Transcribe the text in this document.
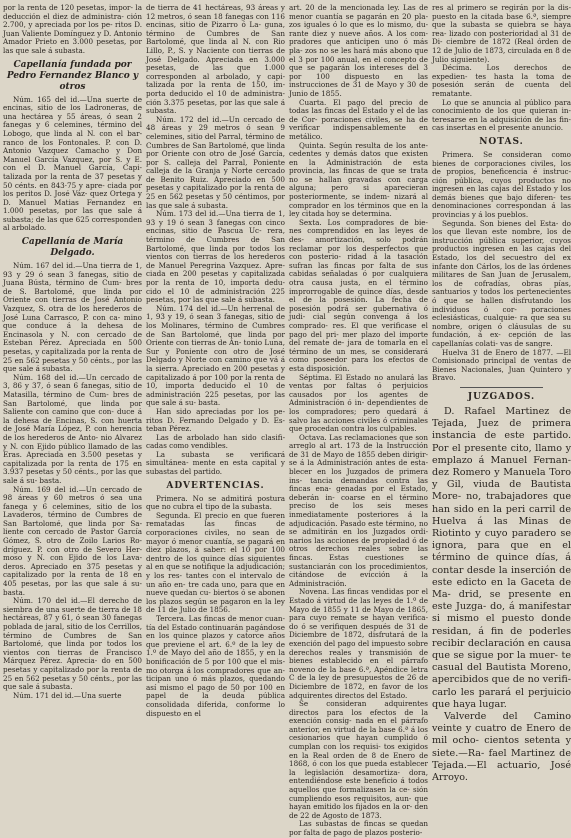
por la renta de 120 pesetas, impor- la deducción el diez de administra- ción 2.700, y apreciada por los pe- ritos D. Juan Valiente Domínguez y D. Antonio Amador Prieto en 3.000 pesetas, por las que sale á subasta.

Capellanía fundada por Pedro Fernandez Blanco y otros

Núm. 165 del id.—Una suerte de encinas, sitio de los Ladroneras, de una hectárea y 55 áreas, ó sean 2 fanegas y 6 celemines, término del Lobogo, que linda al N. con el bar- ranco de los Fontonales. P. con D. Antonio Vazquez Camacho y Don Manuel García Vazquez, por S. y E. con el D. Manuel García, Capi- talizada por la renta de 37 pesetas y 50 cénts. en 843·75 y apre- ciada por los peritos D. José Váz- quez Ortega y D. Manuel Matias Fernandez en 1.000 pesetas, por las que sale á subasta; de las que 625 corresponden al arbolado.

Capellanía de María Delgado.

Núm. 167 del id.—Una tierra de 1, 93 y 29 ó sean 3 fanegas, sitio de Juana Bústa, término de Cum- bres de S. Bartolomé, que linda por Oriente con tierras de José Antonio Vazquez, S. otra de los herederos de José Luna Carrasco, P. con ca- mino que conduce á la dehesa de Encinasola y N. con cercado de Esteban Pérez. Apreciada en 500 pesetas, y capitalizada por la renta de 25 en 562 pesetas y 50 cénts., por las que sale á subasta.

Núm. 168 del id.—Un cercado de 3, 86 y 37, ó sean 6 fanegas, sitio de Matasilla, término de Cum- bres de San Bartolomé, que linda por Saliente con camino que con- duce á la dehesa de Encinas, S. con huerta de José María López, P. con herencia de los herederos de Anto- nio Alvarez y N. con Ejido público llamado de las Eras. Apreciada en 3.500 pesetas y capitalizada por la renta de 175 en 3.937 pesetas y 50 cénts., por las que sale á su- basta.

Núm. 169 del id.—Un cercado de 98 áreas y 60 metros ó sea una fanega y 6 celemines, sitio de los Lavaderos, término de Cumbres de San Bartolomé, que linda por Sa- liente con cercado de Pastor García Gómez, S. otro de Zoilo Larios Ro- dríguez. P. con otro de Severo Her- moso y N. con Ejido de los Lava- deros. Apreciado en 375 pesetas y capitalizado por la renta de 18 en 405 pesetas, por las que sale á su- basta.

Núm. 170 del id.—El derecho de siembra de una suerte de tierra de 18 hectáreas, 87 y 61, ó sean 30 fanegas poblada de jaral, sitio de los Cerrillos, término de Cumbres de San Bartolomé, que linda por todos los vientos con tierras de Francisco Márquez Pérez. Aprecia- do en 500 pesetas y capitalizado por la renta de 25 en 562 pesetas y 50 cénts., por las que sale á subasta.

Núm. 171 del id.—Una suerte

de tierra de 41 hectáreas, 93 áreas y 12 metros, ó sean 18 fanegas con 116 encinas, sitio de Pizarro ó La- guna, término de Cumbres de San Bartolomé, que linda al N. con Rio Lillo, P., S. y Naciente con tierras de José Delgado. Apreciada en 3.000 pesetas, de las que 1.000 corresponden al arbolado, y capi- talizada por la renta de 150, im- porta deducido el 10 de administra- ción 3.375 pesetas, por las que sale á subasta.

Núm. 172 del id.—Un cercado de 48 áreas y 29 metros ó sean 9 celemines, sitio del Parral, término de Cumbres de San Bartolomé, que linda por Oriente con otro de José García, por S. calleja del Parral, Poniente calleja de la Granja y Norte cercado de Benito Ruiz. Apreciado en 500 pesetas y capitalizado por la renta de 25 en 562 pesetas y 50 céntimos, por las que sale á subasta.

Núm. 173 del id.—Una tierra de 1, 93 y 19 ó sean 3 fanegas con cinco encinas, sitio de Pascua Uc- rera, término de Cumbres de San Bartolomé, que linda por todos los vientos con tierras de los herederos de Manuel Peregrina Vazquez. Apre- ciada en 200 pesetas y capitalizada por la renta de 10, importa dedu- cido el 10 de administración 225 pesetas, por las que sale á subasta.

Núm. 174 del id.—Un herrenal de 1, 93 y 19, ó sean 3 fanegas, sitio de los Molinares, término de Cumbres de San Bartolomé, que linda por Oriente con tierras de An- tonio Luna, Sur y Poniente con otro de José Delgado y Norte con camino que vá á la sierra. Apreciado en 200 pesetas y capitalizado á por 100 por la renta de 10, importa deducido el 10 de administración 225 pesetas, por las que sale á su- basta.

Han sido apreciadas por los pe- ritos D. Fernando Delgado y D. Es- teban Pérez.

Las de arbolado han sido clasifi- cadas como vendibles.

La subasta se verificará simultánea- mente en esta capital y subastas del partido.

ADVERTENCIAS.

Primera. No se admitirá postura que no cubra el tipo de la subasta.

Segunda. El precio en que fueren rematadas las fincas de corporaciones civiles, no sean de mayor ó menor cuantía, se pagará en diez plazos, á saber: el 10 por 100 dentro de los quince días siguientes al en que se notifique la adjudicación; y los res- tantes con el intervalo de un año en- tre cada uno, para que en nueve quedan cu- biertos ó se abonen los plazos según se pagaron en la ley de 11 de Julio de 1856.

Tercera. Las fincas de menor cuan- tía del Estado continuarán pagándose en los quince plazos y catorce años que previene el art. 6.º de la ley de 1.º de Mayo del año de 1855, y en la bonificación de 5 por 100 que el mis- mo otorga á los compradores que an- ticipan uno ó más plazos, quedando así mismo el pago de 50 por 100 en papel de la deuda pública consolidada diferida, conforme lo dispuesto en el

art. 20 de la mencionada ley. Las de menor cuantía se pagarán en 20 pla- zos iguales ó lo que es lo mismo, du- rante diez y nueve años. A los com- pradores que anticipen uno ó más pla- zos no se les hará más abono que el 3 por 100 anual, en el concepto de que se pagarán los intereses del 3 por 100 dispuesto en las instrucciones de 31 de Mayo y 30 de Junio de 1855.

Cuarta. El pago del precio de todas las fincas del Estado y el de las de Cor- poraciones civiles, se ha de verificar indispensablemente en metálico.

Quinta. Según resulta de los ante- cedentes y demás datos que existen en la Administración de esta provincia, las fincas de que se trata no se hallan gravadas con carga alguna; pero si aparecieran posteriormente, se indem- nizará al comprador en los términos que en la ley citada hoy se determina.

Sexta. Los compradores de bie- nes comprendidos en las leyes de des- amortización, solo podrán reclamar por los desperfectos que con posterio- ridad á la tasación sufran las fincas por falta de sus cabidas señaladas ó por cualquiera otra causa justa, en el término improrrogable de quince días, desde el de la posesión. La fecha de posesión podrá ser gubernativa ó judi- cial según convenga á los comprado- res. El que verificase el pago del pri- mer plazo del importe del remate de- jara de tomarla en el término de un mes, se considerará como poseedor para los efectos de esta disposición.

Séptima. El Estado no anulará las ventas por faltas ó perjuicios causados por los agentes de Administración ó in- dependientes de los compradores; pero quedará á salvo las acciones civiles ó criminales que procedan contra los culpables.

Octava. Las reclamaciones que son arreglo al art. 173 de la Instrucción de 31 de Mayo de 1855 deben dirigir- se á la Administración antes de esta- blecer en los Juzgados de primera ins- tancia demandas contra las fincas ena- genadas por el Estado, deberán in- coarse en el término preciso de los seis meses inmediatamente posteriores á la adjudicación. Pasado este término, no se admitirán en los Juzgados ordi- narios las acciones de propiedad ó de otros derechos reales sobre las fincas. Estas cuestiones se sustanciarán con los procedimientos, citándose de evicción á la Administración.

Novena. Las fincas vendidas por el Estado á virtud de las leyes de 1.º de Mayo de 1855 y 11 de Mayo de 1865, para cuyo remate se hayan verifica- do ó se verifiquen después de 31 de Diciembre de 1872, disfrutará de la exención del pago del impuesto sobre derechos reales y transmisión de bienes establecido en el párrafo noveno de la base 6.ª, Apéndice letra C de la ley de presupuestos de 26 de Diciembre de 1872, en favor de los adquirentes directos del Estado.

Se consideran adquirentes directos para los efectos de la exención consig- nada en el párrafo anterior, en virtud de la base 6.ª á los cesionarios que hayan cumplido ó cumplan con los requisi- tos exigidos en la Real orden de 8 de Enero de 1868, ó con los que pueda establecer la legislación desamortiza- dora, entendiéndose este beneficio á todos aquellos que formalizasen la ce- sión cumpliendo esos requisitos, aun- que hayan emitido los fijados en la or- den de 22 de Agosto de 1873.

Las subastas de fincas se quedan por falta de pago de plazos posterio-

res al primero se regirán por la dis- puesto en la citada base 6.ª, siempre que la subasta se quiebra se haya rea- lizado con posterioridad al 31 de Di- ciembre de 1872 (Real órden de 12 de Julio de 1873, circulada en 8 de Julio siguiente).

Décima. Los derechos de expedien- tes hasta la toma de posesión serán de cuenta del rematante.

Lo que se anuncia al público para conocimiento de los que quieran in- teresarse en la adquisición de las fin- cas insertas en el presente anuncio.

NOTAS.

Primera. Se consideran como bienes de corporaciones civiles, los de propios, beneficencia é instruc- ción pública, cuyos productos no ingresen en las cajas del Estado y los demás bienes que bajo diferen- tes denominaciones correspondan á las provincias y á los pueblos.

Segunda. Son bienes del Esta- do los que llevan este nombre, los de instrucción pública superior, cuyos productos ingresen en las cajas del Estado, los del secuestro del ex infante don Cárlos, los de las órdenes militares de San Juan de Jerusalem, los de cofradías, obras pías, santuarios y todos los pertenecientes ó que se hallen disfrutando los individuos ó cor- poraciones eclesiásticas, cualquie- ra que sea su nombre, origen ó cláusulas de su fundación, á ex- cepción de las capellanías colati- vas de sangre.

Huelva 31 de Enero de 1877. —El Comisionado principal de ventas de Bienes Nacionales, Juan Quintero y Bravo.

JUZGADOS.

D. Rafael Martinez de Tejada, Juez de primera instancia de este partido. Por el presente cito, llamo y emplazo á Manuel Fernan- dez Romero y Manuela Toro y Gil, viuda de Bautista More- no, trabajadores que han sido en la peri carril de Huelva á las Minas de Riotinto y cuyo paradero se ignora, para que en el término de quince días, á contar desde la inserción de este edicto en la Gaceta de Ma- drid, se presente en este Juzga- do, á manifestar si mismo el puesto donde residan, á fin de poderles recibir declaración en causa que se sigue por la muer- te casual del Bautista Moreno, apercibidos que de no verifi- carlo les parará el perjuicio que haya lugar.

Valverde del Camino veinte y cuatro de Enero de mil ocho- cientos setenta y siete.—Ra- fael Martinez de Tejada.—El actuario, José Arroyo.
